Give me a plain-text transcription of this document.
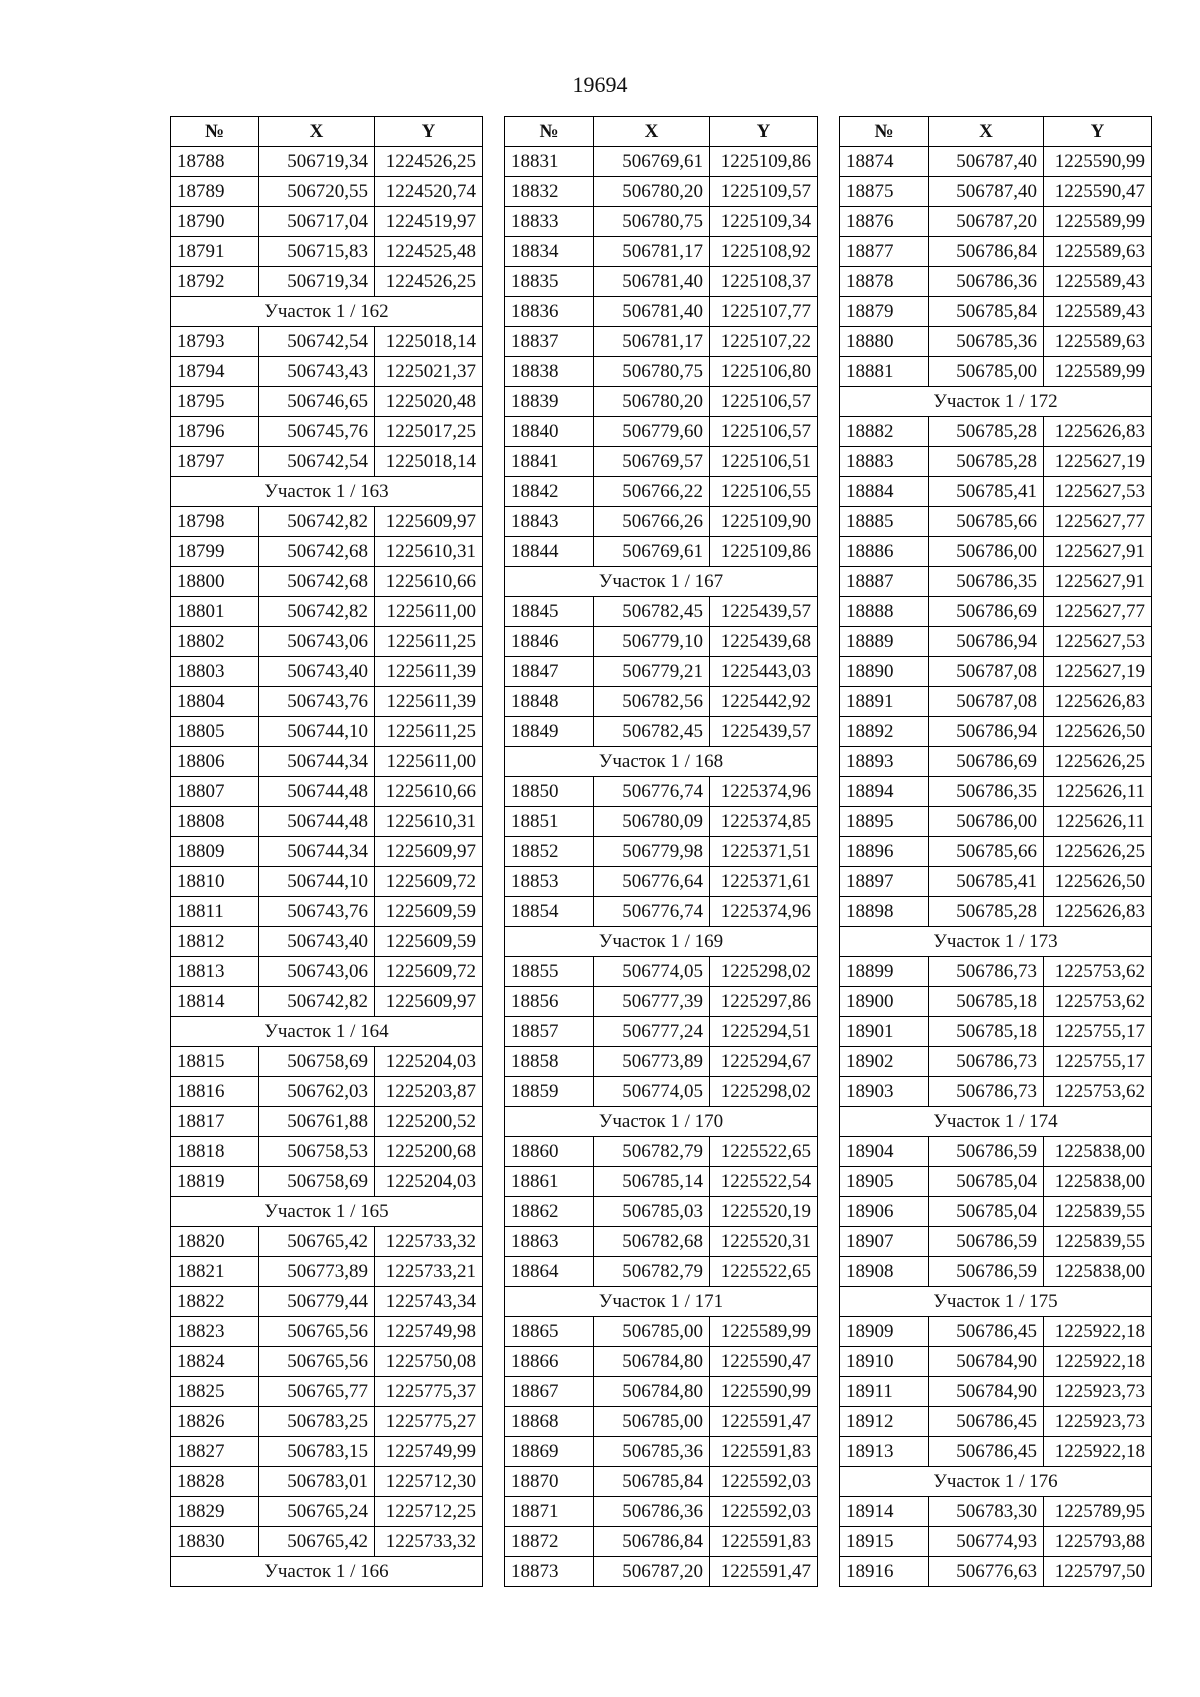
19694
№	X	Y
18788	506719,34	1224526,25
18789	506720,55	1224520,74
18790	506717,04	1224519,97
18791	506715,83	1224525,48
18792	506719,34	1224526,25
Участок 1 / 162		
18793	506742,54	1225018,14
18794	506743,43	1225021,37
18795	506746,65	1225020,48
18796	506745,76	1225017,25
18797	506742,54	1225018,14
Участок 1 / 163		
18798	506742,82	1225609,97
18799	506742,68	1225610,31
18800	506742,68	1225610,66
18801	506742,82	1225611,00
18802	506743,06	1225611,25
18803	506743,40	1225611,39
18804	506743,76	1225611,39
18805	506744,10	1225611,25
18806	506744,34	1225611,00
18807	506744,48	1225610,66
18808	506744,48	1225610,31
18809	506744,34	1225609,97
18810	506744,10	1225609,72
18811	506743,76	1225609,59
18812	506743,40	1225609,59
18813	506743,06	1225609,72
18814	506742,82	1225609,97
Участок 1 / 164		
18815	506758,69	1225204,03
18816	506762,03	1225203,87
18817	506761,88	1225200,52
18818	506758,53	1225200,68
18819	506758,69	1225204,03
Участок 1 / 165		
18820	506765,42	1225733,32
18821	506773,89	1225733,21
18822	506779,44	1225743,34
18823	506765,56	1225749,98
18824	506765,56	1225750,08
18825	506765,77	1225775,37
18826	506783,25	1225775,27
18827	506783,15	1225749,99
18828	506783,01	1225712,30
18829	506765,24	1225712,25
18830	506765,42	1225733,32
Участок 1 / 166		
№	X	Y
18831	506769,61	1225109,86
18832	506780,20	1225109,57
18833	506780,75	1225109,34
18834	506781,17	1225108,92
18835	506781,40	1225108,37
18836	506781,40	1225107,77
18837	506781,17	1225107,22
18838	506780,75	1225106,80
18839	506780,20	1225106,57
18840	506779,60	1225106,57
18841	506769,57	1225106,51
18842	506766,22	1225106,55
18843	506766,26	1225109,90
18844	506769,61	1225109,86
Участок 1 / 167		
18845	506782,45	1225439,57
18846	506779,10	1225439,68
18847	506779,21	1225443,03
18848	506782,56	1225442,92
18849	506782,45	1225439,57
Участок 1 / 168		
18850	506776,74	1225374,96
18851	506780,09	1225374,85
18852	506779,98	1225371,51
18853	506776,64	1225371,61
18854	506776,74	1225374,96
Участок 1 / 169		
18855	506774,05	1225298,02
18856	506777,39	1225297,86
18857	506777,24	1225294,51
18858	506773,89	1225294,67
18859	506774,05	1225298,02
Участок 1 / 170		
18860	506782,79	1225522,65
18861	506785,14	1225522,54
18862	506785,03	1225520,19
18863	506782,68	1225520,31
18864	506782,79	1225522,65
Участок 1 / 171		
18865	506785,00	1225589,99
18866	506784,80	1225590,47
18867	506784,80	1225590,99
18868	506785,00	1225591,47
18869	506785,36	1225591,83
18870	506785,84	1225592,03
18871	506786,36	1225592,03
18872	506786,84	1225591,83
18873	506787,20	1225591,47
№	X	Y
18874	506787,40	1225590,99
18875	506787,40	1225590,47
18876	506787,20	1225589,99
18877	506786,84	1225589,63
18878	506786,36	1225589,43
18879	506785,84	1225589,43
18880	506785,36	1225589,63
18881	506785,00	1225589,99
Участок 1 / 172		
18882	506785,28	1225626,83
18883	506785,28	1225627,19
18884	506785,41	1225627,53
18885	506785,66	1225627,77
18886	506786,00	1225627,91
18887	506786,35	1225627,91
18888	506786,69	1225627,77
18889	506786,94	1225627,53
18890	506787,08	1225627,19
18891	506787,08	1225626,83
18892	506786,94	1225626,50
18893	506786,69	1225626,25
18894	506786,35	1225626,11
18895	506786,00	1225626,11
18896	506785,66	1225626,25
18897	506785,41	1225626,50
18898	506785,28	1225626,83
Участок 1 / 173		
18899	506786,73	1225753,62
18900	506785,18	1225753,62
18901	506785,18	1225755,17
18902	506786,73	1225755,17
18903	506786,73	1225753,62
Участок 1 / 174		
18904	506786,59	1225838,00
18905	506785,04	1225838,00
18906	506785,04	1225839,55
18907	506786,59	1225839,55
18908	506786,59	1225838,00
Участок 1 / 175		
18909	506786,45	1225922,18
18910	506784,90	1225922,18
18911	506784,90	1225923,73
18912	506786,45	1225923,73
18913	506786,45	1225922,18
Участок 1 / 176		
18914	506783,30	1225789,95
18915	506774,93	1225793,88
18916	506776,63	1225797,50
